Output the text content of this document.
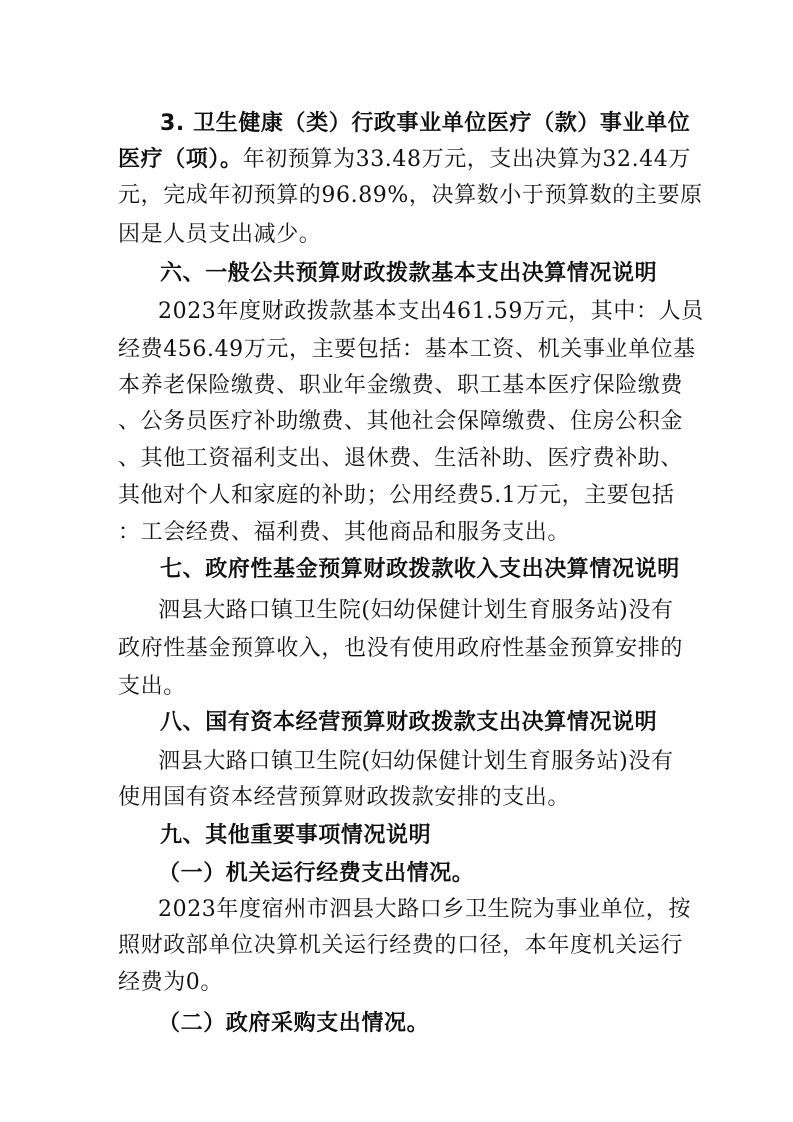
3. 卫生健康（类）行政事业单位医疗（款）事业单位
医疗（项）。年初预算为33.48万元，支出决算为32.44万
元，完成年初预算的96.89%，决算数小于预算数的主要原
因是人员支出减少。
六、一般公共预算财政拨款基本支出决算情况说明
2023年度财政拨款基本支出461.59万元，其中：人员
经费456.49万元，主要包括：基本工资、机关事业单位基
本养老保险缴费、职业年金缴费、职工基本医疗保险缴费
、公务员医疗补助缴费、其他社会保障缴费、住房公积金
、其他工资福利支出、退休费、生活补助、医疗费补助、
其他对个人和家庭的补助；公用经费5.1万元，主要包括
：工会经费、福利费、其他商品和服务支出。
七、政府性基金预算财政拨款收入支出决算情况说明
泗县大路口镇卫生院(妇幼保健计划生育服务站)没有
政府性基金预算收入，也没有使用政府性基金预算安排的
支出。
八、国有资本经营预算财政拨款支出决算情况说明
泗县大路口镇卫生院(妇幼保健计划生育服务站)没有
使用国有资本经营预算财政拨款安排的支出。
九、其他重要事项情况说明
（一）机关运行经费支出情况。
2023年度宿州市泗县大路口乡卫生院为事业单位，按
照财政部单位决算机关运行经费的口径，本年度机关运行
经费为0。
（二）政府采购支出情况。
